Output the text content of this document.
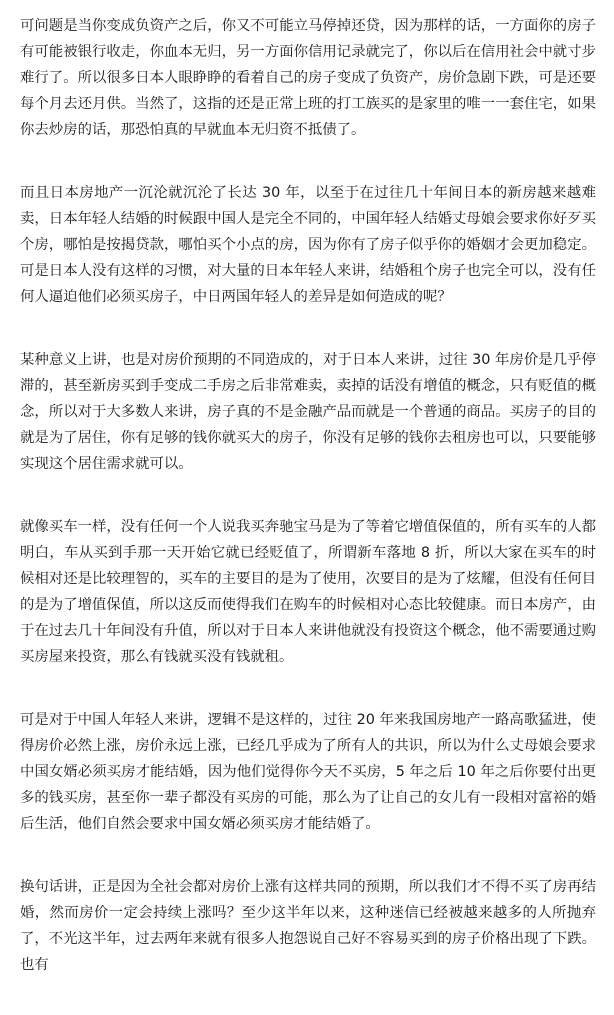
可问题是当你变成负资产之后，你又不可能立马停掉还贷，因为那样的话，一方面你的房子有可能被银行收走，你血本无归，另一方面你信用记录就完了，你以后在信用社会中就寸步难行了。所以很多日本人眼睁睁的看着自己的房子变成了负资产，房价急剧下跌，可是还要每个月去还月供。当然了，这指的还是正常上班的打工族买的是家里的唯一一套住宅，如果你去炒房的话，那恐怕真的早就血本无归资不抵债了。

而且日本房地产一沉沦就沉沦了长达 30 年，以至于在过往几十年间日本的新房越来越难卖，日本年轻人结婚的时候跟中国人是完全不同的，中国年轻人结婚丈母娘会要求你好歹买个房，哪怕是按揭贷款，哪怕买个小点的房，因为你有了房子似乎你的婚姻才会更加稳定。可是日本人没有这样的习惯，对大量的日本年轻人来讲，结婚租个房子也完全可以，没有任何人逼迫他们必须买房子，中日两国年轻人的差异是如何造成的呢？

某种意义上讲，也是对房价预期的不同造成的，对于日本人来讲，过往 30 年房价是几乎停滞的，甚至新房买到手变成二手房之后非常难卖，卖掉的话没有增值的概念，只有贬值的概念，所以对于大多数人来讲，房子真的不是金融产品而就是一个普通的商品。买房子的目的就是为了居住，你有足够的钱你就买大的房子，你没有足够的钱你去租房也可以，只要能够实现这个居住需求就可以。

就像买车一样，没有任何一个人说我买奔驰宝马是为了等着它增值保值的，所有买车的人都明白，车从买到手那一天开始它就已经贬值了，所谓新车落地 8 折，所以大家在买车的时候相对还是比较理智的，买车的主要目的是为了使用，次要目的是为了炫耀，但没有任何目的是为了增值保值，所以这反而使得我们在购车的时候相对心态比较健康。而日本房产，由于在过去几十年间没有升值，所以对于日本人来讲他就没有投资这个概念，他不需要通过购买房屋来投资，那么有钱就买没有钱就租。

可是对于中国人年轻人来讲，逻辑不是这样的，过往 20 年来我国房地产一路高歌猛进，使得房价必然上涨，房价永远上涨，已经几乎成为了所有人的共识，所以为什么丈母娘会要求中国女婿必须买房才能结婚，因为他们觉得你今天不买房，5 年之后 10 年之后你要付出更多的钱买房，甚至你一辈子都没有买房的可能，那么为了让自己的女儿有一段相对富裕的婚后生活，他们自然会要求中国女婿必须买房才能结婚了。

换句话讲，正是因为全社会都对房价上涨有这样共同的预期，所以我们才不得不买了房再结婚，然而房价一定会持续上涨吗？至少这半年以来，这种迷信已经被越来越多的人所抛弃了，不光这半年，过去两年来就有很多人抱怨说自己好不容易买到的房子价格出现了下跌。也有
